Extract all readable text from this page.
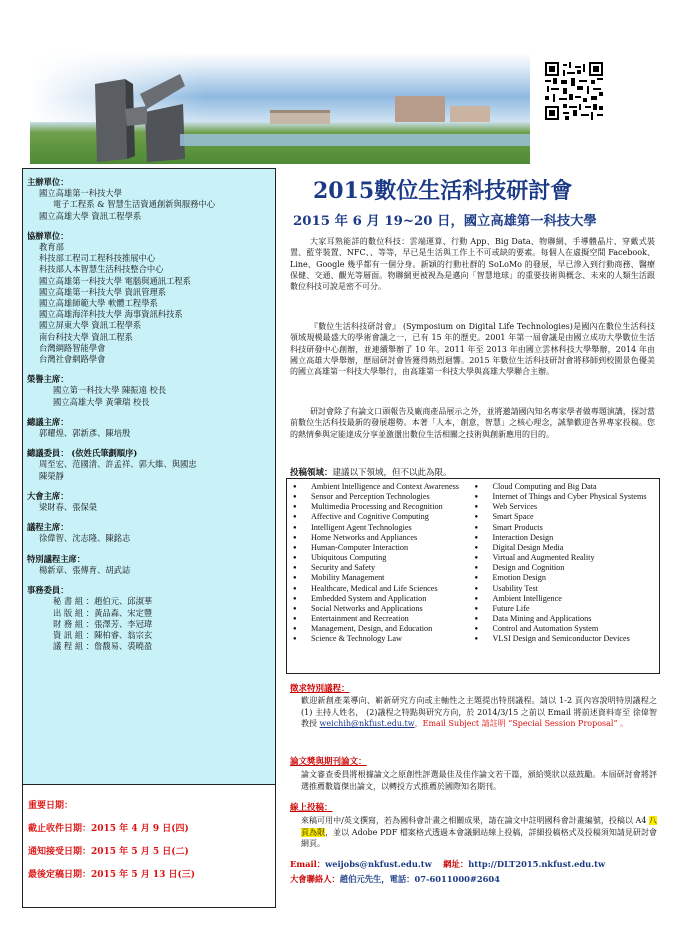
主辦單位：
國立高雄第一科技大學
電子工程系 & 智慧生活資通創新與服務中心
國立高雄大學 資訊工程學系
協辦單位：
教育部
科技部工程司工程科技推展中心
科技部人本智慧生活科技整合中心
國立高雄第一科技大學 電腦與通訊工程系
國立高雄第一科技大學 資訊管理系
國立高雄師範大學 軟體工程學系
國立高雄海洋科技大學 海事資訊科技系
國立屏東大學 資訊工程學系
南台科技大學 資訊工程系
台灣網路智能學會
台灣社會網路學會
榮譽主席：
國立第一科技大學 陳振遠 校長
國立高雄大學 黃肇瑞 校長
總議主席：
郭耀煌、郭新彥、陳培殷
總議委員： (依姓氏筆劃順序)
周至宏、范國清、許孟祥、郭大維、與國忠
陳榮靜
大會主席：
梁財春、張保榮
議程主席：
徐偉智、沈志隆、陳銘志
特別議程主席：
楊新章、張傳育、胡武誌
事務委員：
秘 書 組 ：趙伯元、邱淑華
出 版 組 ：黃品森、宋定豐
財 務 組 ：張澤芳、李冠瑋
資 訊 組 ：陳柏睿、翁宗玄
議 程 組 ：詹馥易、裘曉盈
重要日期：
截止收件日期：2015 年 4 月 9 日(四)
通知接受日期：2015 年 5 月 5 日(二)
最後定稿日期：2015 年 5 月 13 日(三)
2015數位生活科技研討會
2015 年 6 月 19~20 日，國立高雄第一科技大學

大家耳熟能詳的數位科技：雲端運算、行動 App、Big Data、物聯網、手導體晶片、穿戴式裝置、藍芽裝置、NFC、、等等，早已是生活與工作上不可或缺的要素。每個人在虛擬空間 Facebook、Line、Google 幾乎都有一個分身。新穎的行動社群的 SoLoMo 的發展，早已滲入到行動商務、醫療保健、交通、觀光等層面。物聯網更被視為是邁向「智慧地球」的重要技術與概念、未來的人類生活跟數位科技可說是密不可分。

『數位生活科技研討會』 (Symposium on Digital Life Technologies)是國內在數位生活科技領域規模最盛大的學術會議之一，已有 15 年的歷史。2001 年第一屆會議是由國立成功大學數位生活科技研發中心創辦，並連續舉辦了 10 年。2011 年至 2013 年由國立雲林科技大學舉辦，2014 年由國立高雄大學舉辦，歷屆研討會皆獲得熱烈迴響。2015 年數位生活科技研討會將移師到校園景色優美的國立高雄第一科技大學舉行，由高雄第一科技大學與高雄大學聯合主辦。

研討會除了有論文口頭報告及廠商產品展示之外，並將邀請國內知名專家學者做專題演講，探討當前數位生活科技最新的發展趨勢。本著「人本，創意，智慧」之核心理念，誠摯歡迎各界專家投稿。您的熱情參與定能達成分享並激盪出數位生活相關之技術與創新應用的目的。

投稿領域：建議以下領域，但不以此為限。
● Ambient Intelligence and Context Awareness
● Sensor and Perception Technologies
● Multimedia Processing and Recognition
● Affective and Cognitive Computing
● Intelligent Agent Technologies
● Home Networks and Appliances
● Human-Computer Interaction
● Ubiquitous Computing
● Security and Safety
● Mobility Management
● Healthcare, Medical and Life Sciences
● Embedded System and Application
● Social Networks and Applications
● Entertainment and Recreation
● Management, Design, and Education
● Science & Technology Law
● Cloud Computing and Big Data
● Internet of Things and Cyber Physical Systems
● Web Services
● Smart Space
● Smart Products
● Interaction Design
● Digital Design Media
● Virtual and Augmented Reality
● Design and Cognition
● Emotion Design
● Usability Test
● Ambient Intelligence
● Future Life
● Data Mining and Applications
● Control and Automation System
● VLSI Design and Semiconductor Devices
徵求特別議程：

歡迎新創產業導向、嶄新研究方向或主軸性之主題提出特別議程。請以 1-2 頁內容說明特別議程之 (1) 主持人姓名， (2)議程之特點與研究方向，於 2014/3/15 之前以 Email 將前述資料寄至 徐偉智教授 weichih@nkfust.edu.tw，Email Subject 請註明 “Special Session Proposal” 。

論文獎與期刊論文：

論文審查委員將根據論文之原創性評選最佳及佳作論文若干篇，頒給獎狀以茲鼓勵。本屆研討會將評選推薦數篇傑出論文，以轉投方式推薦於國際知名期刊。

線上投稿：

來稿可用中/英文撰寫，若為國科會計畫之相關成果，請在論文中註明國科會計畫編號，投稿以 A4 八頁為限，並以 Adobe PDF 檔案格式透過本會議網站線上投稿，詳細投稿格式及投稿須知請見研討會網頁。

Email：weijobs@nkfust.edu.tw 網址：http://DLT2015.nkfust.edu.tw
大會聯絡人：趙伯元先生，電話：07-6011000#2604
